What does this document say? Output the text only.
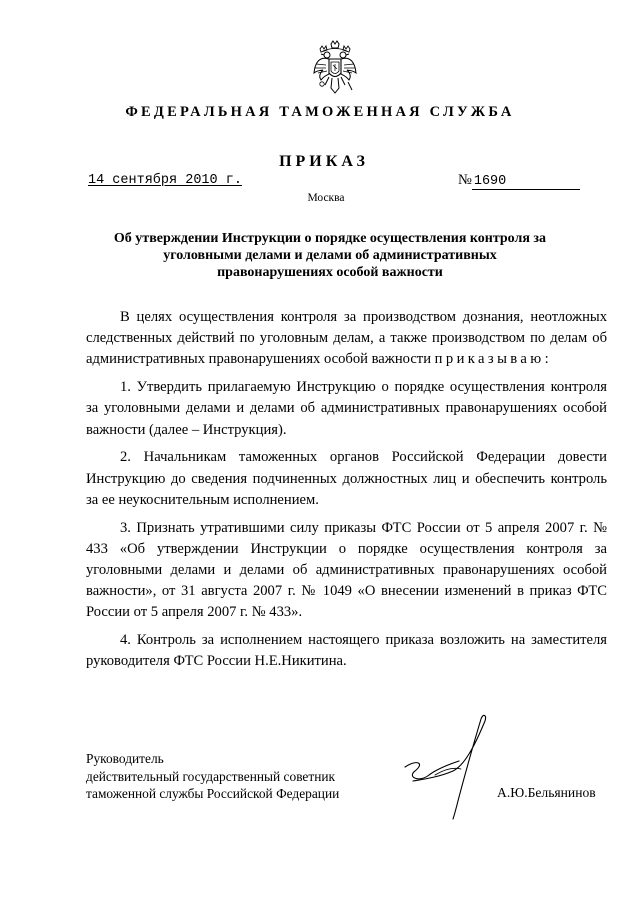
ФЕДЕРАЛЬНАЯ ТАМОЖЕННАЯ СЛУЖБА
ПРИКАЗ
14 сентября 2010 г.	№ 1690
Москва
Об утверждении Инструкции о порядке осуществления контроля за уголовными делами и делами об административных правонарушениях особой важности

В целях осуществления контроля за производством дознания, неотложных следственных действий по уголовным делам, а также производством по делам об административных правонарушениях особой важности приказываю:

1. Утвердить прилагаемую Инструкцию о порядке осуществления контроля за уголовными делами и делами об административных правонарушениях особой важности (далее – Инструкция).

2. Начальникам таможенных органов Российской Федерации довести Инструкцию до сведения подчиненных должностных лиц и обеспечить контроль за ее неукоснительным исполнением.

3. Признать утратившими силу приказы ФТС России от 5 апреля 2007 г. № 433 «Об утверждении Инструкции о порядке осуществления контроля за уголовными делами и делами об административных правонарушениях особой важности», от 31 августа 2007 г. № 1049 «О внесении изменений в приказ ФТС России от 5 апреля 2007 г. № 433».

4. Контроль за исполнением настоящего приказа возложить на заместителя руководителя ФТС России Н.Е.Никитина.

Руководитель
действительный государственный советник
таможенной службы Российской Федерации	А.Ю.Бельянинов
